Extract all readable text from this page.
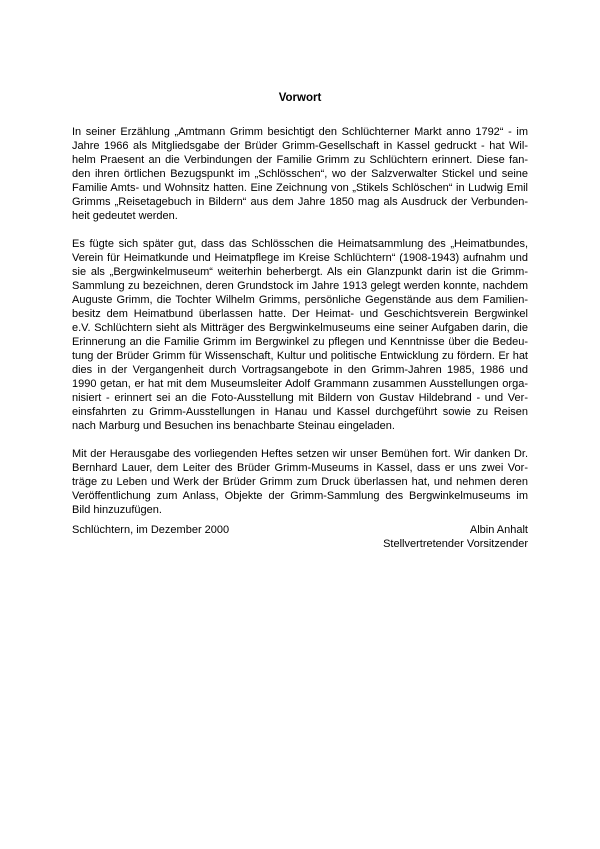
Vorwort

In seiner Erzählung „Amtmann Grimm besichtigt den Schlüchterner Markt anno 1792“ - im
Jahre 1966 als Mitgliedsgabe der Brüder Grimm-Gesellschaft in Kassel gedruckt - hat Wil-
helm Praesent an die Verbindungen der Familie Grimm zu Schlüchtern erinnert. Diese fan-
den ihren örtlichen Bezugspunkt im „Schlösschen“, wo der Salzverwalter Stickel und seine
Familie Amts- und Wohnsitz hatten. Eine Zeichnung von „Stikels Schlöschen“ in Ludwig Emil
Grimms „Reisetagebuch in Bildern“ aus dem Jahre 1850 mag als Ausdruck der Verbunden-
heit gedeutet werden.

Es fügte sich später gut, dass das Schlösschen die Heimatsammlung des „Heimatbundes,
Verein für Heimatkunde und Heimatpflege im Kreise Schlüchtern“ (1908-1943) aufnahm und
sie als „Bergwinkelmuseum“ weiterhin beherbergt. Als ein Glanzpunkt darin ist die Grimm-
Sammlung zu bezeichnen, deren Grundstock im Jahre 1913 gelegt werden konnte, nachdem
Auguste Grimm, die Tochter Wilhelm Grimms, persönliche Gegenstände aus dem Familien-
besitz dem Heimatbund überlassen hatte. Der Heimat- und Geschichtsverein Bergwinkel
e.V. Schlüchtern sieht als Mitträger des Bergwinkelmuseums eine seiner Aufgaben darin, die
Erinnerung an die Familie Grimm im Bergwinkel zu pflegen und Kenntnisse über die Bedeu-
tung der Brüder Grimm für Wissenschaft, Kultur und politische Entwicklung zu fördern. Er hat
dies in der Vergangenheit durch Vortragsangebote in den Grimm-Jahren 1985, 1986 und
1990 getan, er hat mit dem Museumsleiter Adolf Grammann zusammen Ausstellungen orga-
nisiert - erinnert sei an die Foto-Ausstellung mit Bildern von Gustav Hildebrand - und Ver-
einsfahrten zu Grimm-Ausstellungen in Hanau und Kassel durchgeführt sowie zu Reisen
nach Marburg und Besuchen ins benachbarte Steinau eingeladen.

Mit der Herausgabe des vorliegenden Heftes setzen wir unser Bemühen fort. Wir danken Dr.
Bernhard Lauer, dem Leiter des Brüder Grimm-Museums in Kassel, dass er uns zwei Vor-
träge zu Leben und Werk der Brüder Grimm zum Druck überlassen hat, und nehmen deren
Veröffentlichung zum Anlass, Objekte der Grimm-Sammlung des Bergwinkelmuseums im
Bild hinzuzufügen.

Schlüchtern, im Dezember 2000	Albin Anhalt
Stellvertretender Vorsitzender
